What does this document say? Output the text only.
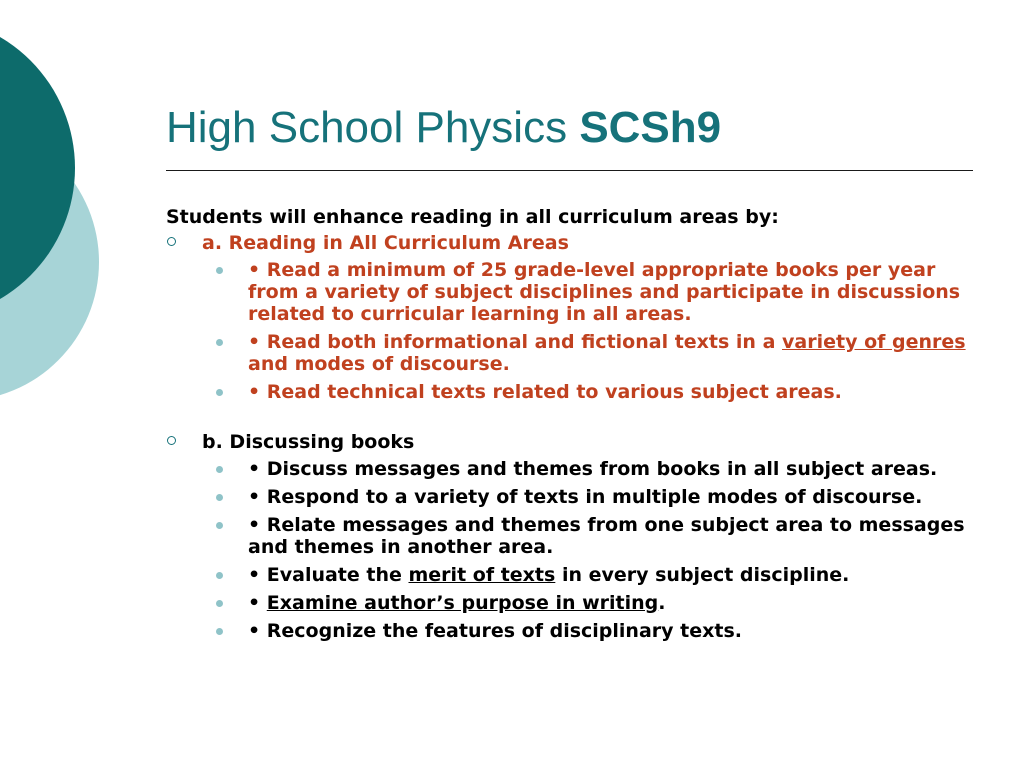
High School Physics SCSh9

Students will enhance reading in all curriculum areas by:

a. Reading in All Curriculum Areas
• Read a minimum of 25 grade-level appropriate books per year from a variety of subject disciplines and participate in discussions related to curricular learning in all areas.
• Read both informational and fictional texts in a variety of genres and modes of discourse.
• Read technical texts related to various subject areas.
b. Discussing books
• Discuss messages and themes from books in all subject areas.
• Respond to a variety of texts in multiple modes of discourse.
• Relate messages and themes from one subject area to messages and themes in another area.
• Evaluate the merit of texts in every subject discipline.
• Examine author’s purpose in writing.
• Recognize the features of disciplinary texts.
